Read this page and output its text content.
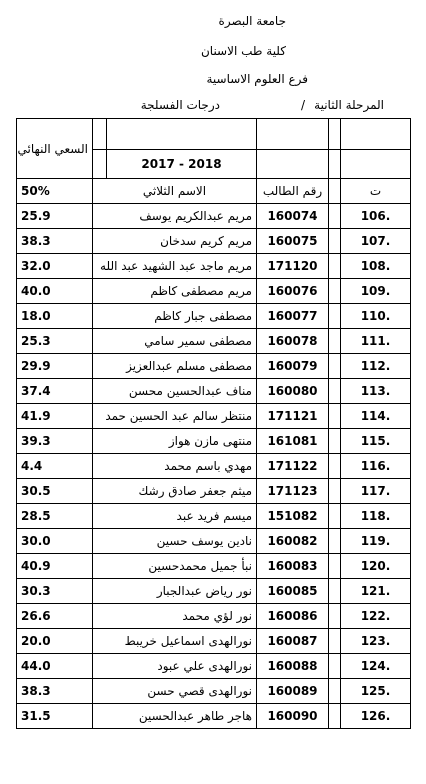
جامعة البصرة
كلية طب الاسنان
فرع العلوم الاساسية
المرحلة الثانية
/
درجات الفسلجة
السعي النهائي					
		2017 - 2018			
50%	الاسم الثلاثي		رقم الطالب		ت
25.9	مريم عبدالكريم يوسف		160074		106.
38.3	مريم كريم سدخان		160075		107.
32.0	مريم ماجد عبد الشهيد عبد الله		171120		108.
40.0	مريم مصطفى كاظم		160076		109.
18.0	مصطفى جبار كاظم		160077		110.
25.3	مصطفى سمير سامي		160078		111.
29.9	مصطفى مسلم عبدالعزيز		160079		112.
37.4	مناف عبدالحسين محسن		160080		113.
41.9	منتظر سالم عبد الحسين حمد		171121		114.
39.3	منتهى مازن هواز		161081		115.
4.4	مهدي باسم محمد		171122		116.
30.5	ميثم جعفر صادق رشك		171123		117.
28.5	ميسم فريد عبد		151082		118.
30.0	نادين يوسف حسين		160082		119.
40.9	نبأ جميل محمدحسين		160083		120.
30.3	نور رياض عبدالجبار		160085		121.
26.6	نور لؤي محمد		160086		122.
20.0	نورالهدى اسماعيل خريبط		160087		123.
44.0	نورالهدى علي عبود		160088		124.
38.3	نورالهدى قصي حسن		160089		125.
31.5	هاجر طاهر عبدالحسين		160090		126.
